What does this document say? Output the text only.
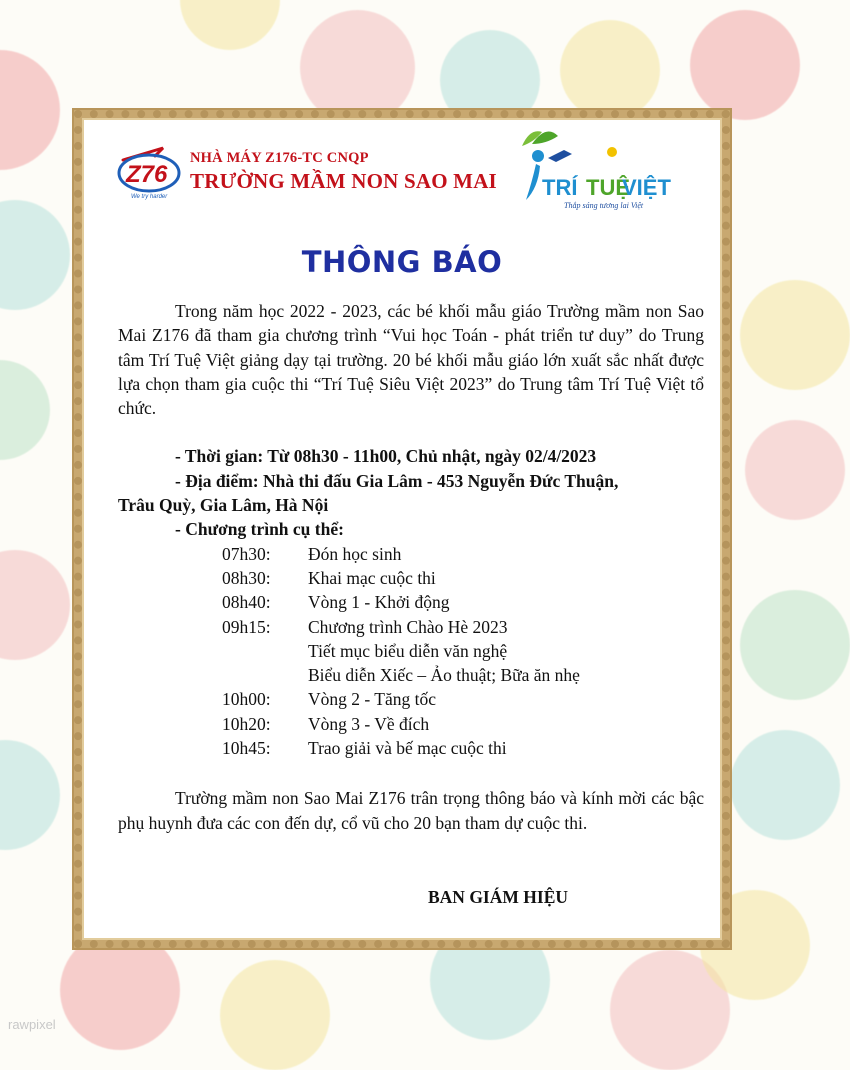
Z76
We try harder
NHÀ MÁY Z176-TC CNQP
TRƯỜNG MẦM NON SAO MAI TRÍ TUỆ
VIỆT
Thắp sáng tương lai Việt
THÔNG BÁO

Trong năm học 2022 - 2023, các bé khối mẫu giáo Trường mầm non Sao Mai Z176 đã tham gia chương trình “Vui học Toán - phát triển tư duy” do Trung tâm Trí Tuệ Việt giảng dạy tại trường. 20 bé khối mẫu giáo lớn xuất sắc nhất được lựa chọn tham gia cuộc thi “Trí Tuệ Siêu Việt 2023” do Trung tâm Trí Tuệ Việt tổ chức.

- Thời gian: Từ 08h30 - 11h00, Chủ nhật, ngày 02/4/2023

- Địa điểm: Nhà thi đấu Gia Lâm - 453 Nguyễn Đức Thuận,

Trâu Quỳ, Gia Lâm, Hà Nội

- Chương trình cụ thể:

07h30:	Đón học sinh
08h30:	Khai mạc cuộc thi
08h40:	Vòng 1 - Khởi động
09h15:	Chương trình Chào Hè 2023
Tiết mục biểu diễn văn nghệ
Biểu diễn Xiếc – Ảo thuật; Bữa ăn nhẹ
10h00:	Vòng 2 - Tăng tốc
10h20:	Vòng 3 - Về đích
10h45:	Trao giải và bế mạc cuộc thi

Trường mầm non Sao Mai Z176 trân trọng thông báo và kính mời các bậc phụ huynh đưa các con đến dự, cổ vũ cho 20 bạn tham dự cuộc thi.

BAN GIÁM HIỆU
rawpixel
